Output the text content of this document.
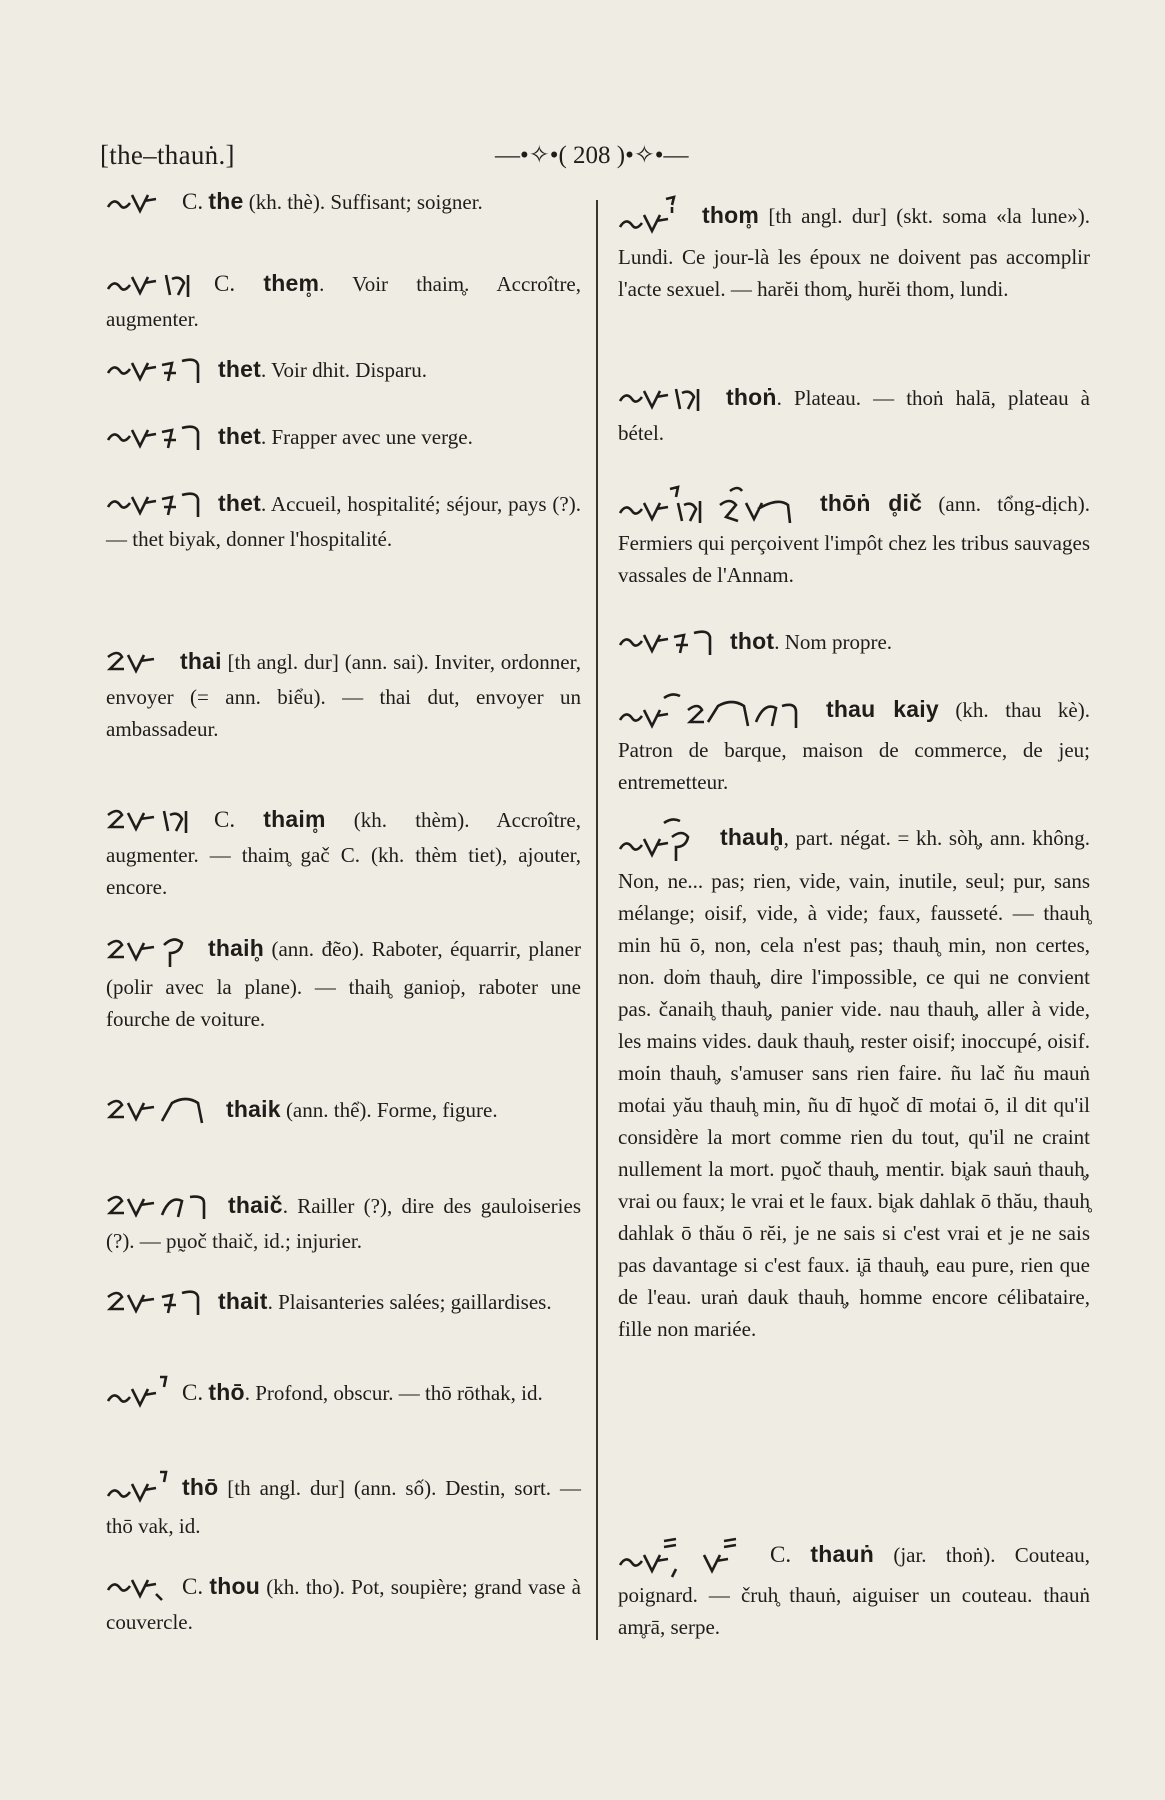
[the–thauṅ.]	—•✧•( 208 )•✧•—
C. the (kh. thè). Suffisant; soigner.
C. them̥. Voir thaim̥. Accroître, augmenter.
thet. Voir dhit. Disparu.
thet. Frapper avec une verge.
thet. Accueil, hospitalité; séjour, pays (?). — thet biyak, donner l'hospitalité.
thai [th angl. dur] (ann. sai). Inviter, ordonner, envoyer (= ann. biểu). — thai dut, envoyer un ambassadeur.
C. thaim̥ (kh. thèm). Accroître, augmenter. — thaim̥ gač C. (kh. thèm tiet), ajouter, encore.
thaih̥ (ann. đẽo). Raboter, équarrir, planer (polir avec la plane). — thaih̥ ganio͘p, raboter une fourche de voiture.
thaik (ann. thể). Forme, figure.
thaič. Railler (?), dire des gauloiseries (?). — pṵo͘č thaič, id.; injurier.
thait. Plaisanteries salées; gaillardises.
C. thō. Profond, obscur. — thō rōthak, id.
thō [th angl. dur] (ann. số). Destin, sort. — thō vak, id.
C. thou (kh. tho). Pot, soupière; grand vase à couvercle.
thom̥ [th angl. dur] (skt. soma «la lune»). Lundi. Ce jour-là les époux ne doivent pas accomplir l'acte sexuel. — harĕi thom̥, hurĕi thom, lundi.
thoṅ. Plateau. — thoṅ halā, plateau à bétel.
thōṅ d̥ič (ann. tổng-dịch). Fermiers qui perçoivent l'impôt chez les tribus sauvages vassales de l'Annam.
thot. Nom propre.
thau kaiy (kh. thau kè). Patron de barque, maison de commerce, de jeu; entremetteur.
thauh̥, part. négat. = kh. sòh̥, ann. không. Non, ne... pas; rien, vide, vain, inutile, seul; pur, sans mélange; oisif, vide, à vide; faux, fausseté. — thauh̥ min hū ō, non, cela n'est pas; thauh̥ min, non certes, non. do͘m thauh̥, dire l'impossible, ce qui ne convient pas. čanaih̥ thauh̥, panier vide. nau thauh̥, aller à vide, les mains vides. dauk thauh̥, rester oisif; inoccupé, oisif. mo͘in thauh̥, s'amuser sans rien faire. ñu lač ñu mauṅ mo͘tai yău thauh̥ min, ñu dī hṵo͘č dī mo͘tai ō, il dit qu'il considère la mort comme rien du tout, qu'il ne craint nullement la mort. pṵo͘č thauh̥, mentir. bi̥ak sauṅ thauh̥, vrai ou faux; le vrai et le faux. bi̥ak dahlak ō thău, thauh̥ dahlak ō thău ō rĕi, je ne sais si c'est vrai et je ne sais pas davantage si c'est faux. i̥ā thauh̥, eau pure, rien que de l'eau. uraṅ dauk thauh̥, homme encore célibataire, fille non mariée.
C. thauṅ (jar. thoṅ). Couteau, poignard. — čruh̥ thauṅ, aiguiser un couteau. thauṅ am̥rā, serpe.
